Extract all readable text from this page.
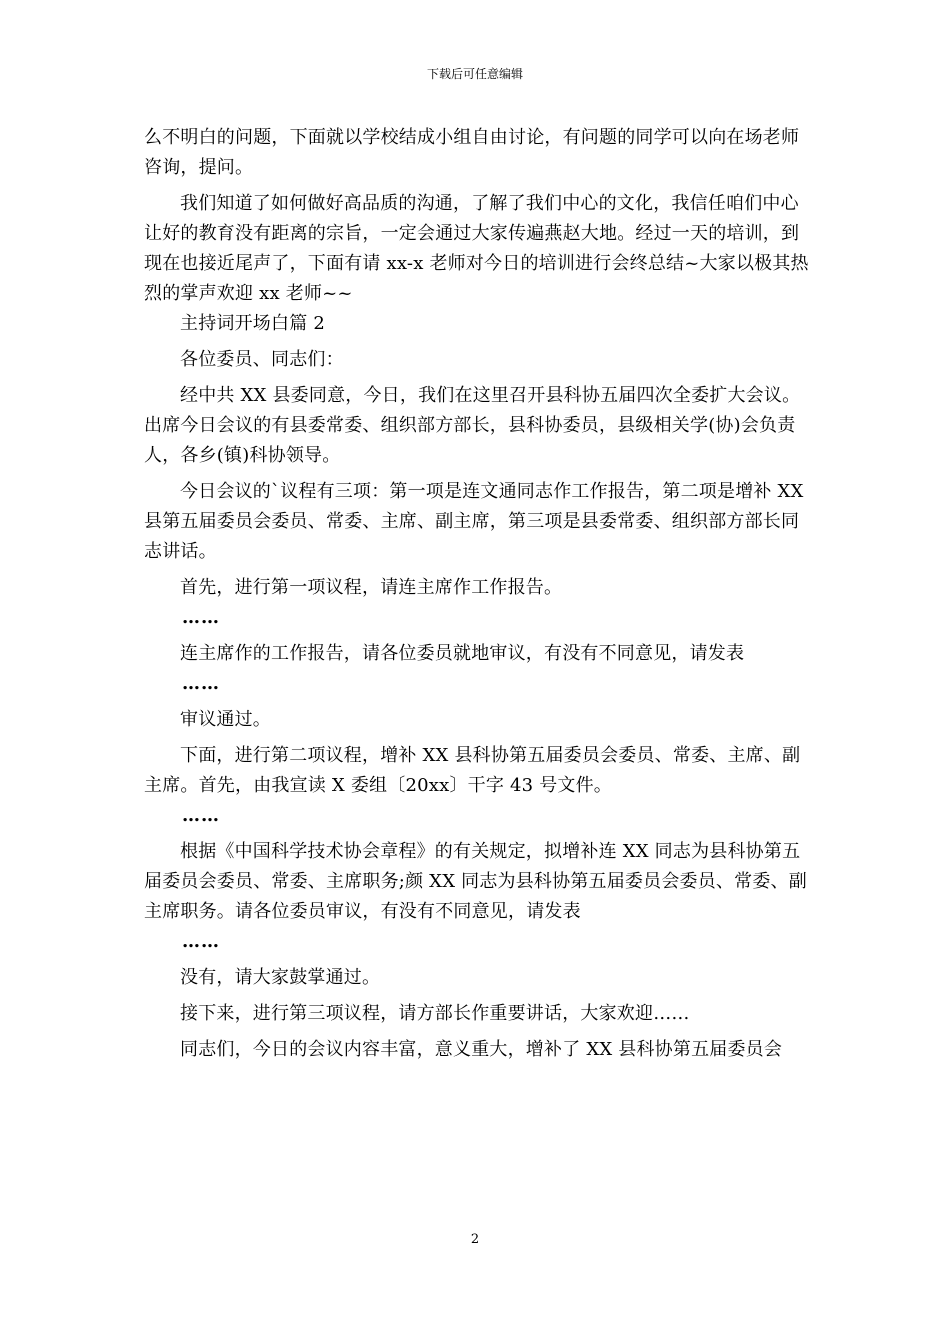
下载后可任意编辑

么不明白的问题，下面就以学校结成小组自由讨论，有问题的同学可以向在场老师咨询，提问。

我们知道了如何做好高品质的沟通，了解了我们中心的文化，我信任咱们中心让好的教育没有距离的宗旨，一定会通过大家传遍燕赵大地。经过一天的培训，到现在也接近尾声了，下面有请 xx-x 老师对今日的培训进行会终总结~大家以极其热烈的掌声欢迎 xx 老师~~

主持词开场白篇 2

各位委员、同志们：

经中共 XX 县委同意，今日，我们在这里召开县科协五届四次全委扩大会议。出席今日会议的有县委常委、组织部方部长，县科协委员，县级相关学(协)会负责人，各乡(镇)科协领导。

今日会议的`议程有三项：第一项是连文通同志作工作报告，第二项是增补 XX 县第五届委员会委员、常委、主席、副主席，第三项是县委常委、组织部方部长同志讲话。

首先，进行第一项议程，请连主席作工作报告。

……

连主席作的工作报告，请各位委员就地审议，有没有不同意见，请发表

……

审议通过。

下面，进行第二项议程，增补 XX 县科协第五届委员会委员、常委、主席、副主席。首先，由我宣读 X 委组〔20xx〕干字 43 号文件。

……

根据《中国科学技术协会章程》的有关规定，拟增补连 XX 同志为县科协第五届委员会委员、常委、主席职务;颜 XX 同志为县科协第五届委员会委员、常委、副主席职务。请各位委员审议，有没有不同意见，请发表

……

没有，请大家鼓掌通过。

接下来，进行第三项议程，请方部长作重要讲话，大家欢迎……

同志们，今日的会议内容丰富，意义重大，增补了 XX 县科协第五届委员会

2
